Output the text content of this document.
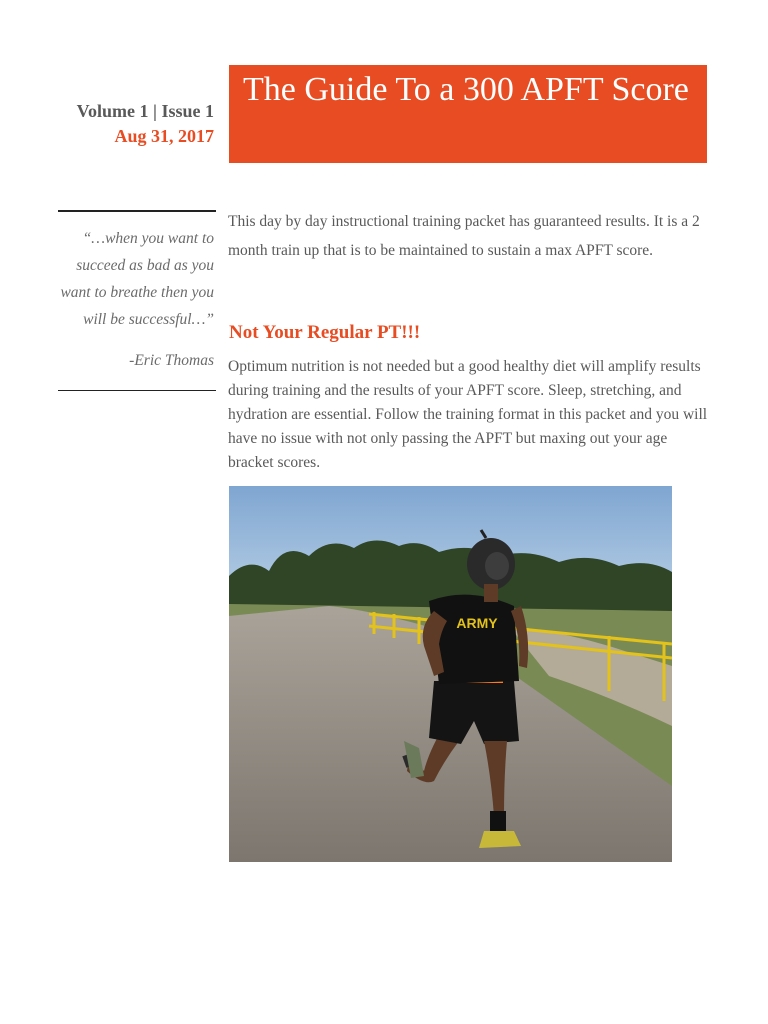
Volume 1 | Issue 1
Aug 31, 2017
“…when you want to succeed as bad as you want to breathe then you will be successful…”
-Eric Thomas
The Guide To a 300 APFT Score

This day by day instructional training packet has guaranteed results. It is a 2 month train up that is to be maintained to sustain a max APFT score.

Not Your Regular PT!!!

Optimum nutrition is not needed but a good healthy diet will amplify results during training and the results of your APFT score. Sleep, stretching, and hydration are essential. Follow the training format in this packet and you will have no issue with not only passing the APFT but maxing out your age bracket scores.

ARMY
